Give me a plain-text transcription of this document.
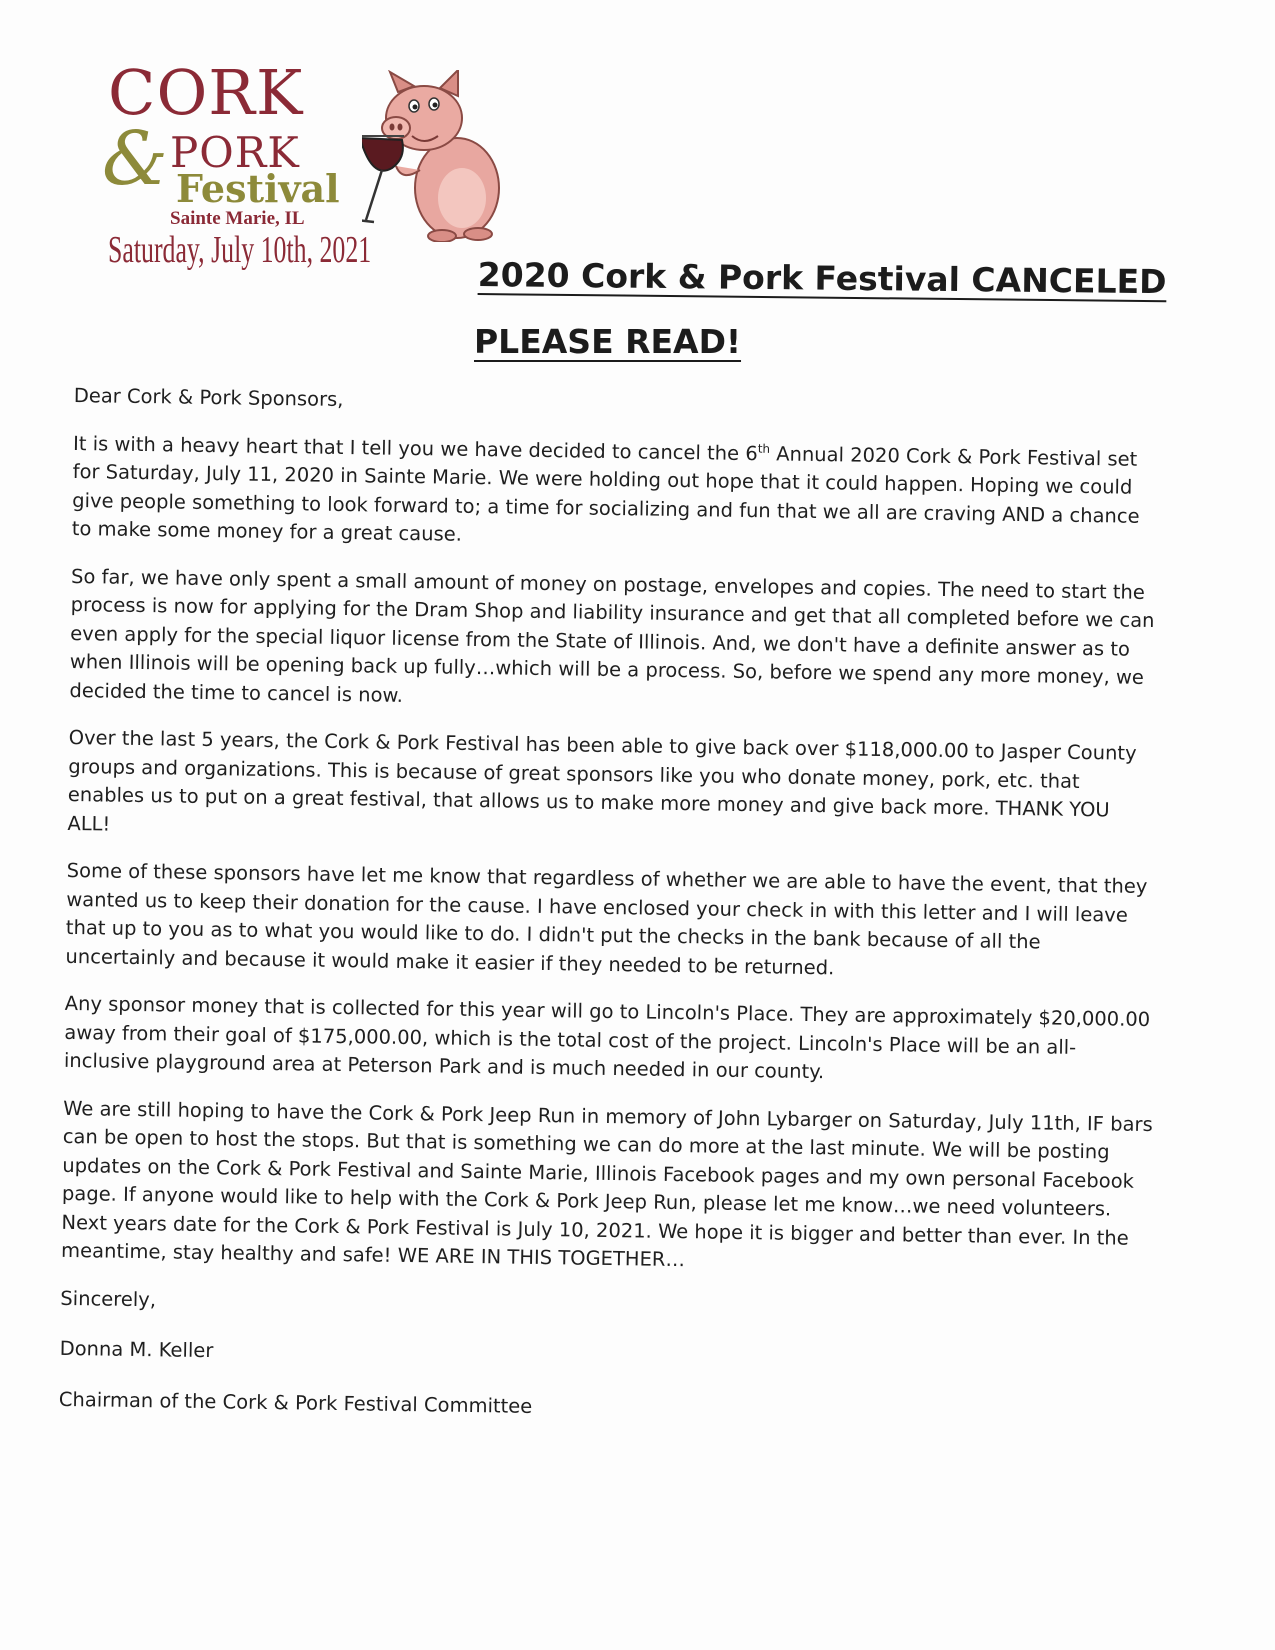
CORK
& PORK
Festival
Sainte Marie, IL
Saturday, July 10th, 2021
2020 Cork & Pork Festival CANCELED
PLEASE READ!

Dear Cork & Pork Sponsors,

It is with a heavy heart that I tell you we have decided to cancel the 6th Annual 2020 Cork & Pork Festival set for Saturday, July 11, 2020 in Sainte Marie. We were holding out hope that it could happen. Hoping we could give people something to look forward to; a time for socializing and fun that we all are craving AND a chance to make some money for a great cause.

So far, we have only spent a small amount of money on postage, envelopes and copies. The need to start the process is now for applying for the Dram Shop and liability insurance and get that all completed before we can even apply for the special liquor license from the State of Illinois. And, we don't have a definite answer as to when Illinois will be opening back up fully…which will be a process. So, before we spend any more money, we decided the time to cancel is now.

Over the last 5 years, the Cork & Pork Festival has been able to give back over $118,000.00 to Jasper County groups and organizations. This is because of great sponsors like you who donate money, pork, etc. that enables us to put on a great festival, that allows us to make more money and give back more. THANK YOU ALL!

Some of these sponsors have let me know that regardless of whether we are able to have the event, that they wanted us to keep their donation for the cause. I have enclosed your check in with this letter and I will leave that up to you as to what you would like to do. I didn't put the checks in the bank because of all the uncertainly and because it would make it easier if they needed to be returned.

Any sponsor money that is collected for this year will go to Lincoln's Place. They are approximately $20,000.00 away from their goal of $175,000.00, which is the total cost of the project. Lincoln's Place will be an all-inclusive playground area at Peterson Park and is much needed in our county.

We are still hoping to have the Cork & Pork Jeep Run in memory of John Lybarger on Saturday, July 11th, IF bars can be open to host the stops. But that is something we can do more at the last minute. We will be posting updates on the Cork & Pork Festival and Sainte Marie, Illinois Facebook pages and my own personal Facebook page. If anyone would like to help with the Cork & Pork Jeep Run, please let me know…we need volunteers. Next years date for the Cork & Pork Festival is July 10, 2021. We hope it is bigger and better than ever. In the meantime, stay healthy and safe! WE ARE IN THIS TOGETHER…

Sincerely,

Donna M. Keller

Chairman of the Cork & Pork Festival Committee
